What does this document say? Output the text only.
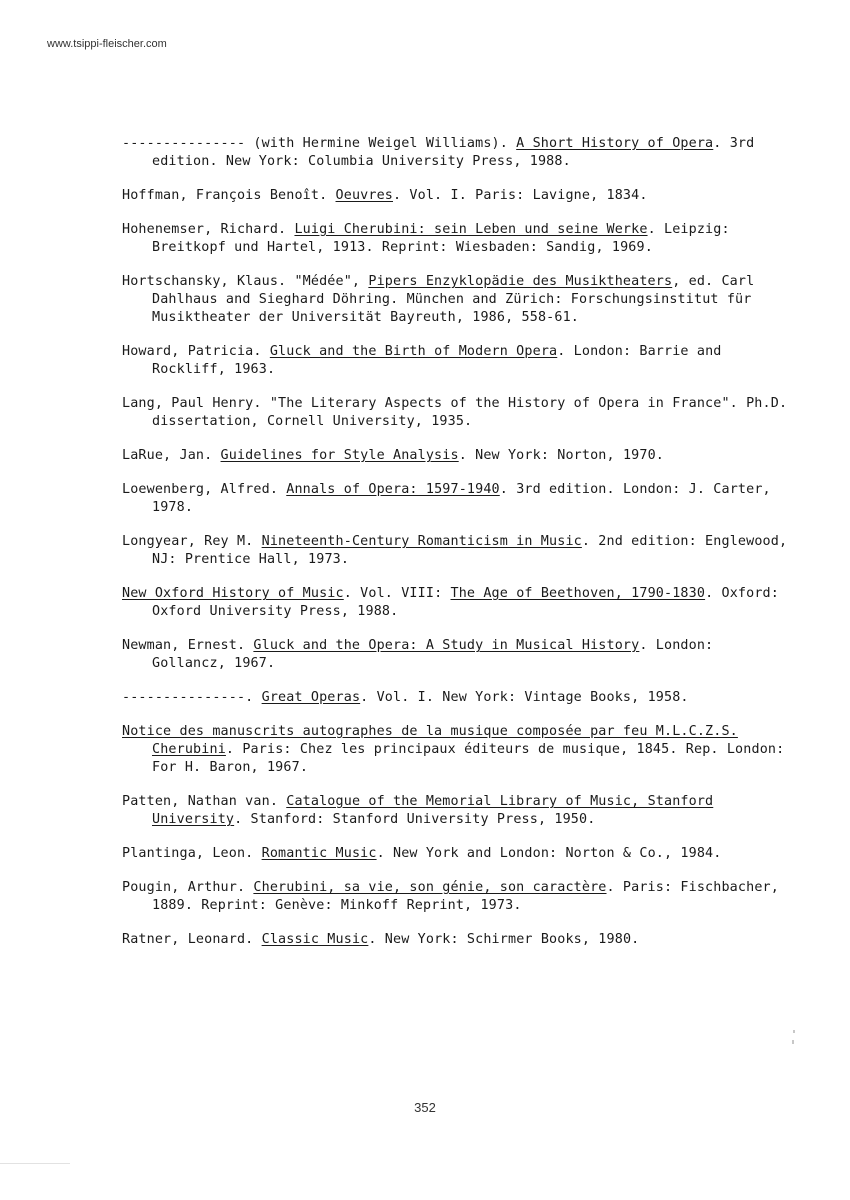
www.tsippi-fleischer.com

--------------- (with Hermine Weigel Williams). A Short History of Opera. 3rd edition. New York: Columbia University Press, 1988.

Hoffman, François Benoît. Oeuvres. Vol. I. Paris: Lavigne, 1834.

Hohenemser, Richard. Luigi Cherubini: sein Leben und seine Werke. Leipzig: Breitkopf und Hartel, 1913. Reprint: Wiesbaden: Sandig, 1969.

Hortschansky, Klaus. "Médée", Pipers Enzyklopädie des Musiktheaters, ed. Carl Dahlhaus and Sieghard Döhring. München and Zürich: Forschungsinstitut für Musiktheater der Universität Bayreuth, 1986, 558-61.

Howard, Patricia. Gluck and the Birth of Modern Opera. London: Barrie and Rockliff, 1963.

Lang, Paul Henry. "The Literary Aspects of the History of Opera in France". Ph.D. dissertation, Cornell University, 1935.

LaRue, Jan. Guidelines for Style Analysis. New York: Norton, 1970.

Loewenberg, Alfred. Annals of Opera: 1597-1940. 3rd edition. London: J. Carter, 1978.

Longyear, Rey M. Nineteenth-Century Romanticism in Music. 2nd edition: Englewood, NJ: Prentice Hall, 1973.

New Oxford History of Music. Vol. VIII: The Age of Beethoven, 1790-1830. Oxford: Oxford University Press, 1988.

Newman, Ernest. Gluck and the Opera: A Study in Musical History. London: Gollancz, 1967.

---------------. Great Operas. Vol. I. New York: Vintage Books, 1958.

Notice des manuscrits autographes de la musique composée par feu M.L.C.Z.S. Cherubini. Paris: Chez les principaux éditeurs de musique, 1845. Rep. London: For H. Baron, 1967.

Patten, Nathan van. Catalogue of the Memorial Library of Music, Stanford University. Stanford: Stanford University Press, 1950.

Plantinga, Leon. Romantic Music. New York and London: Norton & Co., 1984.

Pougin, Arthur. Cherubini, sa vie, son génie, son caractère. Paris: Fischbacher, 1889. Reprint: Genève: Minkoff Reprint, 1973.

Ratner, Leonard. Classic Music. New York: Schirmer Books, 1980.

352
